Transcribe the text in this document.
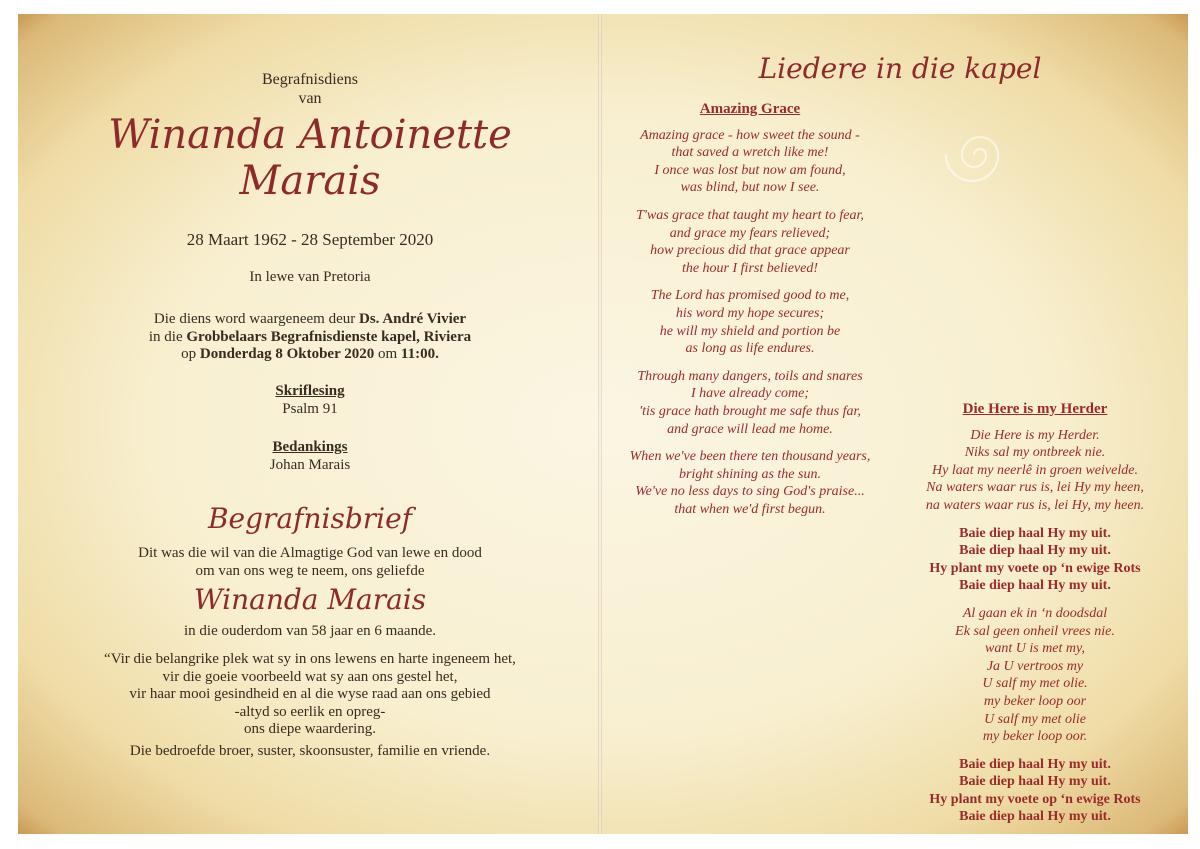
Begrafnisdiens
van
Winanda Antoinette
Marais
28 Maart 1962 - 28 September 2020
In lewe van Pretoria
Die diens word waargeneem deur Ds. André Vivier
in die Grobbelaars Begrafnisdienste kapel, Riviera
op Donderdag 8 Oktober 2020 om 11:00.
Skriflesing
Psalm 91
Bedankings
Johan Marais
Begrafnisbrief
Dit was die wil van die Almagtige God van lewe en dood
om van ons weg te neem, ons geliefde
Winanda Marais
in die ouderdom van 58 jaar en 6 maande.
“Vir die belangrike plek wat sy in ons lewens en harte ingeneem het,
vir die goeie voorbeeld wat sy aan ons gestel het,
vir haar mooi gesindheid en al die wyse raad aan ons gebied
-altyd so eerlik en opreg-
ons diepe waardering.
Die bedroefde broer, suster, skoonsuster, familie en vriende.
Liedere in die kapel
Amazing Grace
Amazing grace - how sweet the sound -
that saved a wretch like me!
I once was lost but now am found,
was blind, but now I see.
T'was grace that taught my heart to fear,
and grace my fears relieved;
how precious did that grace appear
the hour I first believed!
The Lord has promised good to me,
his word my hope secures;
he will my shield and portion be
as long as life endures.
Through many dangers, toils and snares
I have already come;
'tis grace hath brought me safe thus far,
and grace will lead me home.
When we've been there ten thousand years,
bright shining as the sun.
We've no less days to sing God's praise...
that when we'd first begun.
Die Here is my Herder
Die Here is my Herder.
Niks sal my ontbreek nie.
Hy laat my neerlê in groen weivelde.
Na waters waar rus is, lei Hy my heen,
na waters waar rus is, lei Hy, my heen.
Baie diep haal Hy my uit.
Baie diep haal Hy my uit.
Hy plant my voete op ‘n ewige Rots
Baie diep haal Hy my uit.
Al gaan ek in ‘n doodsdal
Ek sal geen onheil vrees nie.
want U is met my,
Ja U vertroos my
U salf my met olie.
my beker loop oor
U salf my met olie
my beker loop oor.
Baie diep haal Hy my uit.
Baie diep haal Hy my uit.
Hy plant my voete op ‘n ewige Rots
Baie diep haal Hy my uit.
